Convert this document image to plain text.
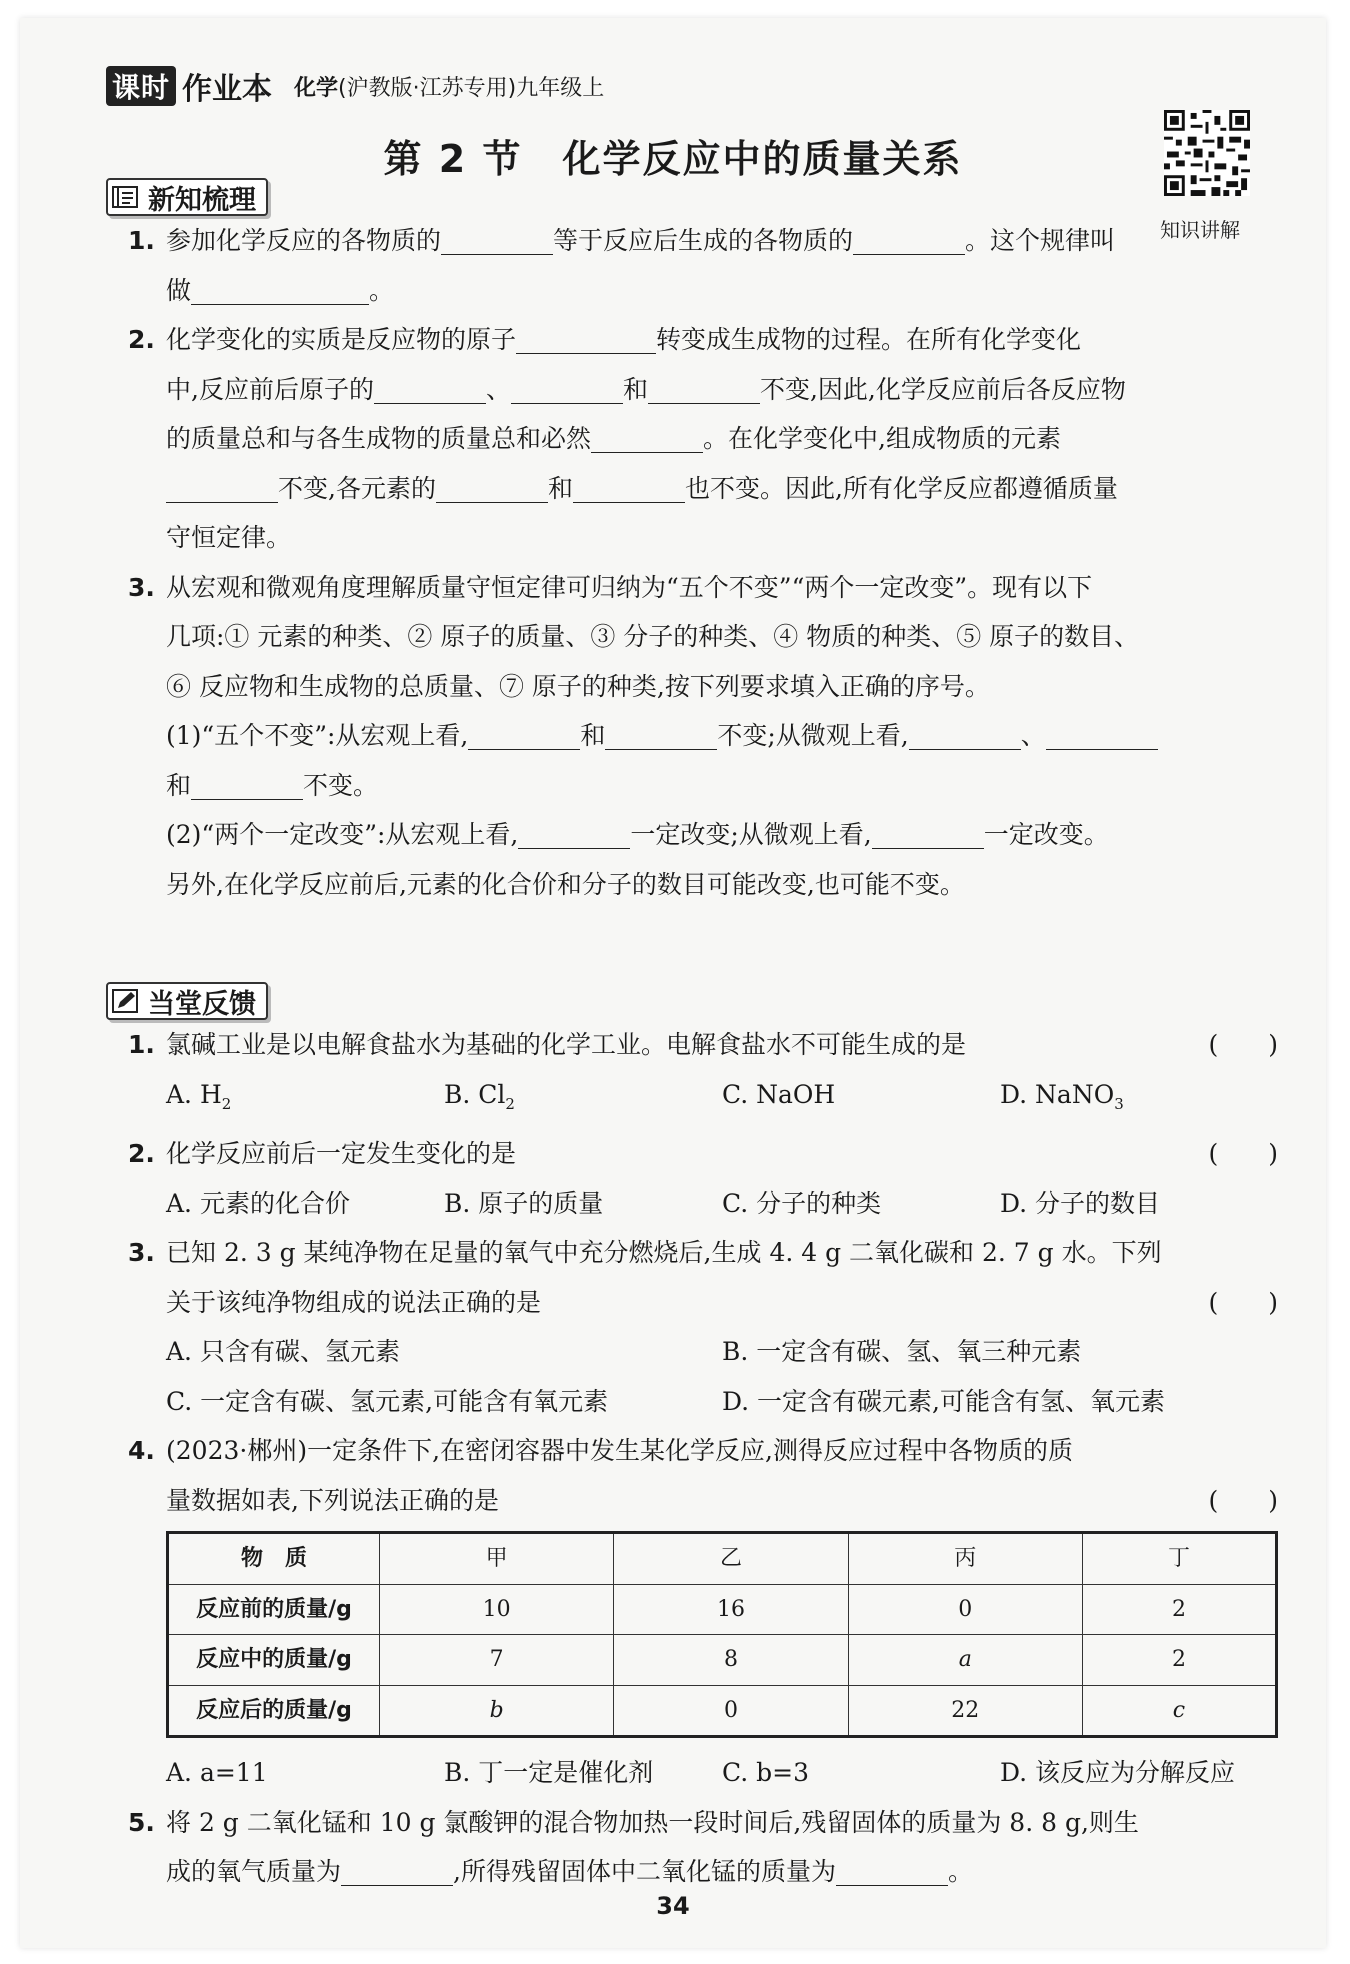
课时 作业本 化学(沪教版·江苏专用)九年级上
第 2 节　化学反应中的质量关系
知识讲解
新知梳理
1. 参加化学反应的各物质的	等于反应后生成的各物质的	。这个规律叫
做	。
2. 化学变化的实质是反应物的原子	转变成生成物的过程。在所有化学变化
中,反应前后原子的	、	和	不变,因此,化学反应前后各反应物
的质量总和与各生成物的质量总和必然	。在化学变化中,组成物质的元素
不变,各元素的	和	也不变。因此,所有化学反应都遵循质量
守恒定律。
3. 从宏观和微观角度理解质量守恒定律可归纳为“五个不变”“两个一定改变”。现有以下
几项:① 元素的种类、② 原子的质量、③ 分子的种类、④ 物质的种类、⑤ 原子的数目、
⑥ 反应物和生成物的总质量、⑦ 原子的种类,按下列要求填入正确的序号。
(1)“五个不变”:从宏观上看,	和	不变;从微观上看,	、
和	不变。
(2)“两个一定改变”:从宏观上看,	一定改变;从微观上看,	一定改变。
另外,在化学反应前后,元素的化合价和分子的数目可能改变,也可能不变。
当堂反馈
1. 氯碱工业是以电解食盐水为基础的化学工业。电解食盐水不可能生成的是	(　　)
A. $H_2$	B. $Cl_2$	C. NaOH	D. NaNO$_3$
2. 化学反应前后一定发生变化的是	(　　)
A. 元素的化合价	B. 原子的质量	C. 分子的种类	D. 分子的数目
3. 已知 2. 3 g 某纯净物在足量的氧气中充分燃烧后,生成 4. 4 g 二氧化碳和 2. 7 g 水。下列
关于该纯净物组成的说法正确的是	(　　)
A. 只含有碳、氢元素	B. 一定含有碳、氢、氧三种元素
C. 一定含有碳、氢元素,可能含有氧元素	D. 一定含有碳元素,可能含有氢、氧元素
4. (2023·郴州)一定条件下,在密闭容器中发生某化学反应,测得反应过程中各物质的质
量数据如表,下列说法正确的是	(　　)
物　质	甲	乙	丙	丁
反应前的质量/g	10	16	0	2
反应中的质量/g	7	8	a	2
反应后的质量/g	b	0	22	c
A. a=11	B. 丁一定是催化剂	C. b=3	D. 该反应为分解反应
5. 将 2 g 二氧化锰和 10 g 氯酸钾的混合物加热一段时间后,残留固体的质量为 8. 8 g,则生
成的氧气质量为	,所得残留固体中二氧化锰的质量为	。
34
